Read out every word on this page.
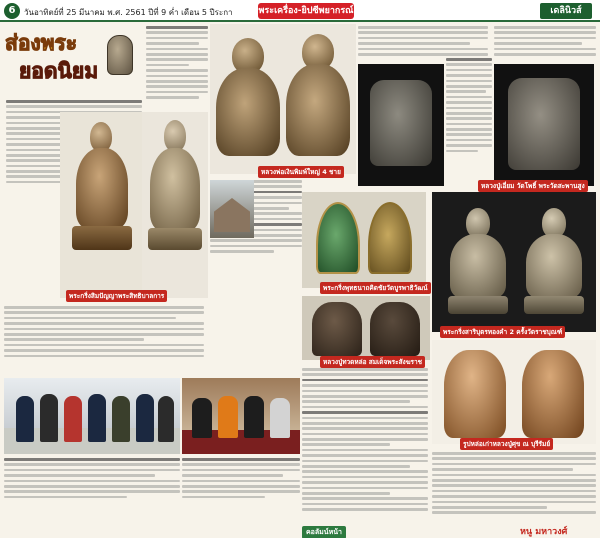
6	วันอาทิตย์ที่ 25 มีนาคม พ.ศ. 2561 ปีที่ 9 ค่ำ เดือน 5 ปีระกา	พระเครื่อง-ยิปซีพยากรณ์	เดลินิวส์
ส่องพระ
ยอดนิยม
พระกริ่งสิมปัญญาพระสิทธิบาลการ
หลวงพ่อเงินพิมพ์ใหญ่ 4 ชาย
หลวงปู่เอี่ยม วัดโพธิ์ พระวัดสะพานสูง
พระกริ่งพุทธนาถคิดชัยวัดบูรพาธิวัฒน์
พระกริ่งสาริบุตรทองคำ 2 ครั้งวัดราชบุณฑ์
หลวงปู่ทวดหล่อ สมเด็จพระสังฆราช
รูปหล่อเก่าหลวงปู่ศุข ณ บุรีรัมย์
คอลัมน์หน้า	หนู มหาวงศ์
